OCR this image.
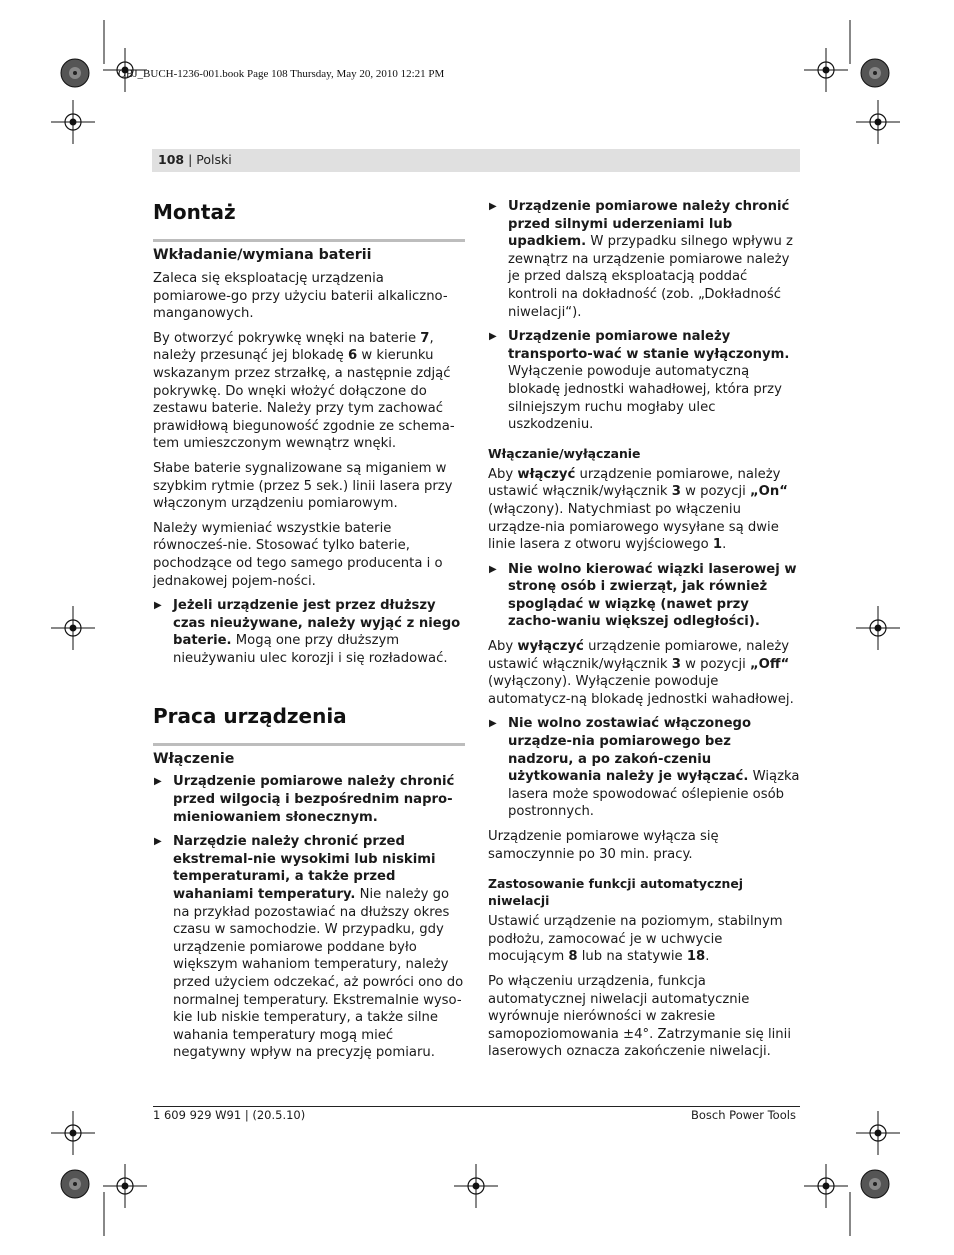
OBJ_BUCH-1236-001.book Page 108 Thursday, May 20, 2010 12:21 PM
108 | Polski
Montaż
Wkładanie/wymiana baterii

Zaleca się eksploatację urządzenia pomiarowe-go przy użyciu baterii alkaliczno-manganowych.

By otworzyć pokrywkę wnęki na baterie 7, należy przesunąć jej blokadę 6 w kierunku wskazanym przez strzałkę, a następnie zdjąć pokrywkę. Do wnęki włożyć dołączone do zestawu baterie. Należy przy tym zachować prawidłową biegunowość zgodnie ze schema-tem umieszczonym wewnątrz wnęki.

Słabe baterie sygnalizowane są miganiem w szybkim rytmie (przez 5 sek.) linii lasera przy włączonym urządzeniu pomiarowym.

Należy wymieniać wszystkie baterie równocześ-nie. Stosować tylko baterie, pochodzące od tego samego producenta i o jednakowej pojem-ności.

▶ Jeżeli urządzenie jest przez dłuższy czas nieużywane, należy wyjąć z niego baterie. Mogą one przy dłuższym nieużywaniu ulec korozji i się rozładować.
Praca urządzenia
Włączenie
▶ Urządzenie pomiarowe należy chronić przed wilgocią i bezpośrednim napro-mieniowaniem słonecznym.
▶ Narzędzie należy chronić przed ekstremal-nie wysokimi lub niskimi temperaturami, a także przed wahaniami temperatury. Nie należy go na przykład pozostawiać na dłuższy okres czasu w samochodzie. W przypadku, gdy urządzenie pomiarowe poddane było większym wahaniom temperatury, należy przed użyciem odczekać, aż powróci ono do normalnej temperatury. Ekstremalnie wyso-kie lub niskie temperatury, a także silne wahania temperatury mogą mieć negatywny wpływ na precyzję pomiaru.
▶ Urządzenie pomiarowe należy chronić przed silnymi uderzeniami lub upadkiem. W przypadku silnego wpływu z zewnątrz na urządzenie pomiarowe należy je przed dalszą eksploatacją poddać kontroli na dokładność (zob. „Dokładność niwelacji“).
▶ Urządzenie pomiarowe należy transporto-wać w stanie wyłączonym. Wyłączenie powoduje automatyczną blokadę jednostki wahadłowej, która przy silniejszym ruchu mogłaby ulec uszkodzeniu.
Włączanie/wyłączanie

Aby włączyć urządzenie pomiarowe, należy ustawić włącznik/wyłącznik 3 w pozycji „On“ (włączony). Natychmiast po włączeniu urządze-nia pomiarowego wysyłane są dwie linie lasera z otworu wyjściowego 1.

▶ Nie wolno kierować wiązki laserowej w stronę osób i zwierząt, jak również spoglądać w wiązkę (nawet przy zacho-waniu większej odległości).

Aby wyłączyć urządzenie pomiarowe, należy ustawić włącznik/wyłącznik 3 w pozycji „Off“ (wyłączony). Wyłączenie powoduje automatycz-ną blokadę jednostki wahadłowej.

▶ Nie wolno zostawiać włączonego urządze-nia pomiarowego bez nadzoru, a po zakoń-czeniu użytkowania należy je wyłączać. Wiązka lasera może spowodować oślepienie osób postronnych.

Urządzenie pomiarowe wyłącza się samoczynnie po 30 min. pracy.

Zastosowanie funkcji automatycznej niwelacji

Ustawić urządzenie na poziomym, stabilnym podłożu, zamocować je w uchwycie mocującym 8 lub na statywie 18.

Po włączeniu urządzenia, funkcja automatycznej niwelacji automatycznie wyrównuje nierówności w zakresie samopoziomowania ±4°. Zatrzymanie się linii laserowych oznacza zakończenie niwelacji.

1 609 929 W91 | (20.5.10)	Bosch Power Tools
